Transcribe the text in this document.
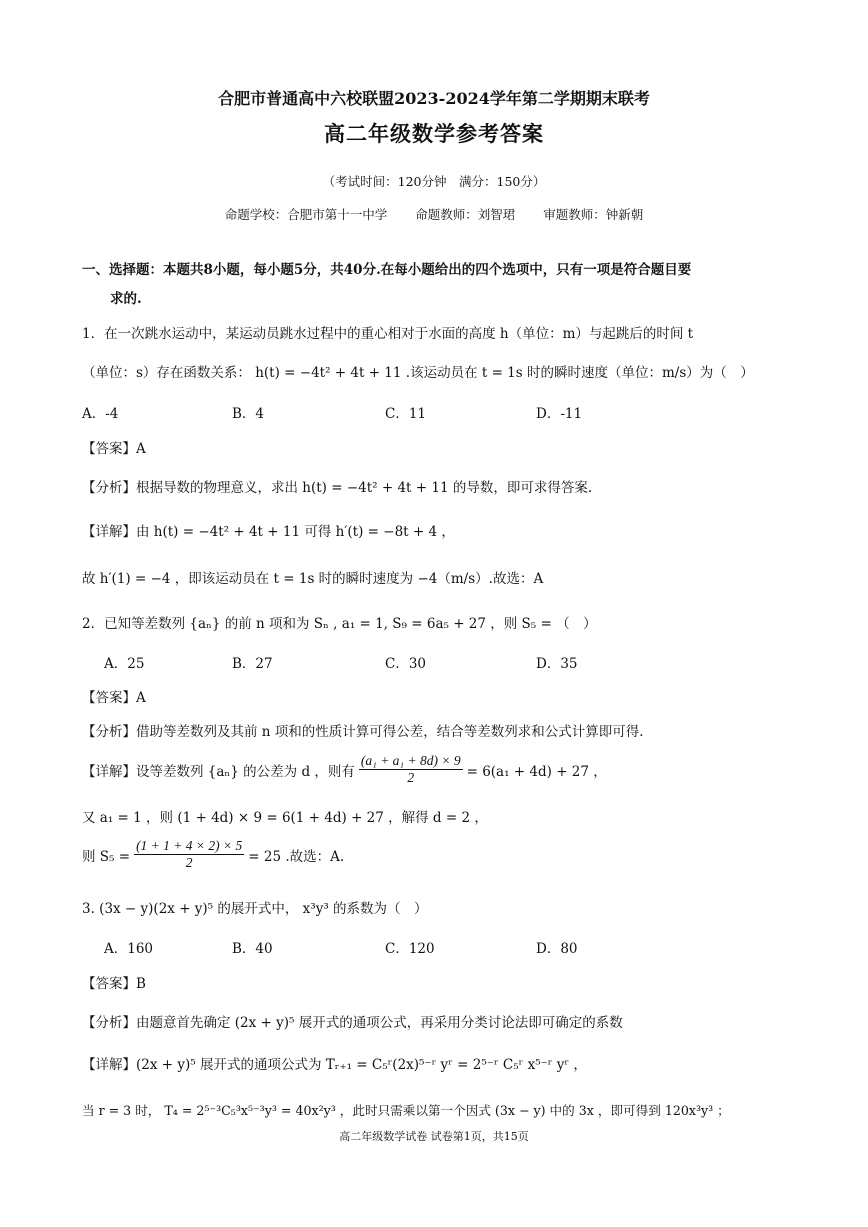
合肥市普通高中六校联盟2023-2024学年第二学期期末联考
高二年级数学参考答案
（考试时间：120分钟　满分：150分）
命题学校：合肥市第十一中学 命题教师：刘智珺 审题教师：钟新朝
一、选择题：本题共8小题，每小题5分，共40分.在每小题给出的四个选项中，只有一项是符合题目要
求的.
1．在一次跳水运动中，某运动员跳水过程中的重心相对于水面的高度 h（单位：m）与起跳后的时间 t
（单位：s）存在函数关系： h(t) = −4t² + 4t + 11 .该运动员在 t = 1s 时的瞬时速度（单位：m/s）为（　）
A．-4	B．4	C．11	D．-11
【答案】A
【分析】根据导数的物理意义，求出 h(t) = −4t² + 4t + 11 的导数，即可求得答案.
【详解】由 h(t) = −4t² + 4t + 11 可得 h′(t) = −8t + 4 ，
故 h′(1) = −4 ，即该运动员在 t = 1s 时的瞬时速度为 −4（m/s）.故选：A
2．已知等差数列 {aₙ} 的前 n 项和为 Sₙ , a₁ = 1, S₉ = 6a₅ + 27 ，则 S₅ = （　）
A．25	B．27	C．30	D．35
【答案】A
【分析】借助等差数列及其前 n 项和的性质计算可得公差，结合等差数列求和公式计算即可得.
【详解】设等差数列 {aₙ} 的公差为 d ，则有 $\frac{\text{(a₁ + a₁ + 8d) × 9}}{2} = 6(a_1 + 4d) + 27$ ，
又 a₁ = 1 ，则 (1 + 4d) × 9 = 6(1 + 4d) + 27 ，解得 d = 2 ，
则 $S_5 = \frac{(1 + 1 + 4 \times 2) \times 5}{2} = 25$ .故选：A.
3. (3x − y)(2x + y)⁵ 的展开式中， x³y³ 的系数为（　）
A．160	B．40	C．120	D．80
【答案】B
【分析】由题意首先确定 (2x + y)⁵ 展开式的通项公式，再采用分类讨论法即可确定的系数
【详解】(2x + y)⁵ 展开式的通项公式为 Tᵣ₊₁ = C₅ʳ(2x)⁵⁻ʳ yʳ = 2⁵⁻ʳ C₅ʳ x⁵⁻ʳ yʳ ，
当 r = 3 时， T₄ = 2⁵⁻³C₅³x⁵⁻³y³ = 40x²y³ ，此时只需乘以第一个因式 (3x − y) 中的 3x ，即可得到 120x³y³ ；
高二年级数学试卷 试卷第1页，共15页
